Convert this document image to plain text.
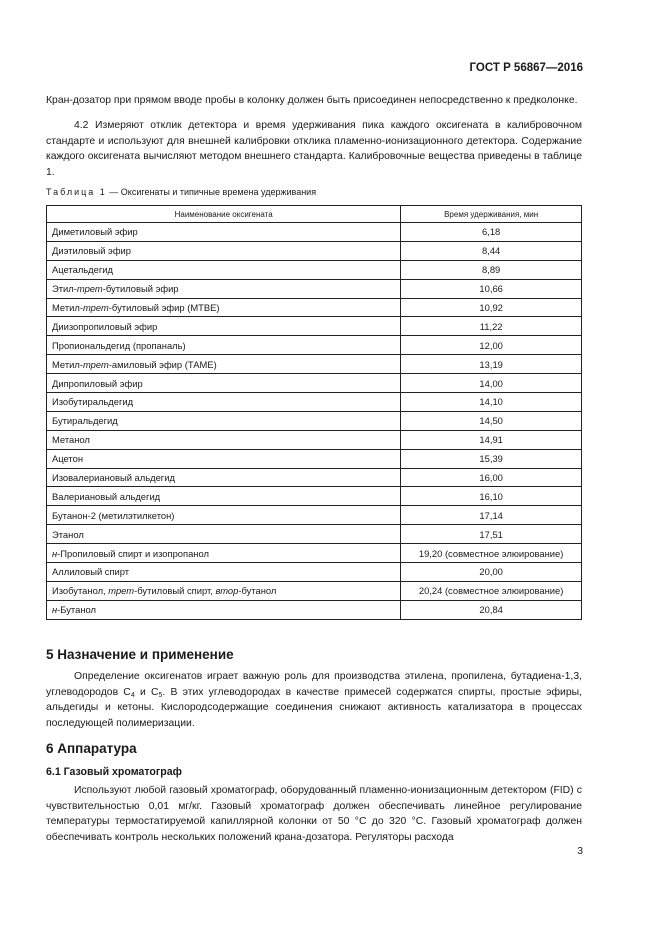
ГОСТ Р 56867—2016
Кран-дозатор при прямом вводе пробы в колонку должен быть присоединен непосредственно к предколонке.
4.2 Измеряют отклик детектора и время удерживания пика каждого оксигената в калибровочном стандарте и используют для внешней калибровки отклика пламенно-ионизационного детектора. Содержание каждого оксигената вычисляют методом внешнего стандарта. Калибровочные вещества приведены в таблице 1.
Таблица 1 — Оксигенаты и типичные времена удерживания
Наименование оксигената	Время удерживания, мин
Диметиловый эфир	6,18
Диэтиловый эфир	8,44
Ацетальдегид	8,89
Этил-трет-бутиловый эфир	10,66
Метил-трет-бутиловый эфир (МТВЕ)	10,92
Диизопропиловый эфир	11,22
Пропиональдегид (пропаналь)	12,00
Метил-трет-амиловый эфир (ТАМЕ)	13,19
Дипропиловый эфир	14,00
Изобутиральдегид	14,10
Бутиральдегид	14,50
Метанол	14,91
Ацетон	15,39
Изовалериановый альдегид	16,00
Валериановый альдегид	16,10
Бутанон-2 (метилэтилкетон)	17,14
Этанол	17,51
н-Пропиловый спирт и изопропанол	19,20 (совместное элюирование)
Аллиловый спирт	20,00
Изобутанол, трет-бутиловый спирт, втор-бутанол	20,24 (совместное элюирование)
н-Бутанол	20,84
5 Назначение и применение
Определение оксигенатов играет важную роль для производства этилена, пропилена, бутадиена-1,3, углеводородов $С_4$ и $С_5$. В этих углеводородах в качестве примесей содержатся спирты, простые эфиры, альдегиды и кетоны. Кислородсодержащие соединения снижают активность катализатора в процессах последующей полимеризации.
6 Аппаратура
6.1 Газовый хроматограф
Используют любой газовый хроматограф, оборудованный пламенно-ионизационным детектором (FID) с чувствительностью 0,01 мг/кг. Газовый хроматограф должен обеспечивать линейное регулирование температуры термостатируемой капиллярной колонки от 50 °С до 320 °С. Газовый хроматограф должен обеспечивать контроль нескольких положений крана-дозатора. Регуляторы расхода
3
